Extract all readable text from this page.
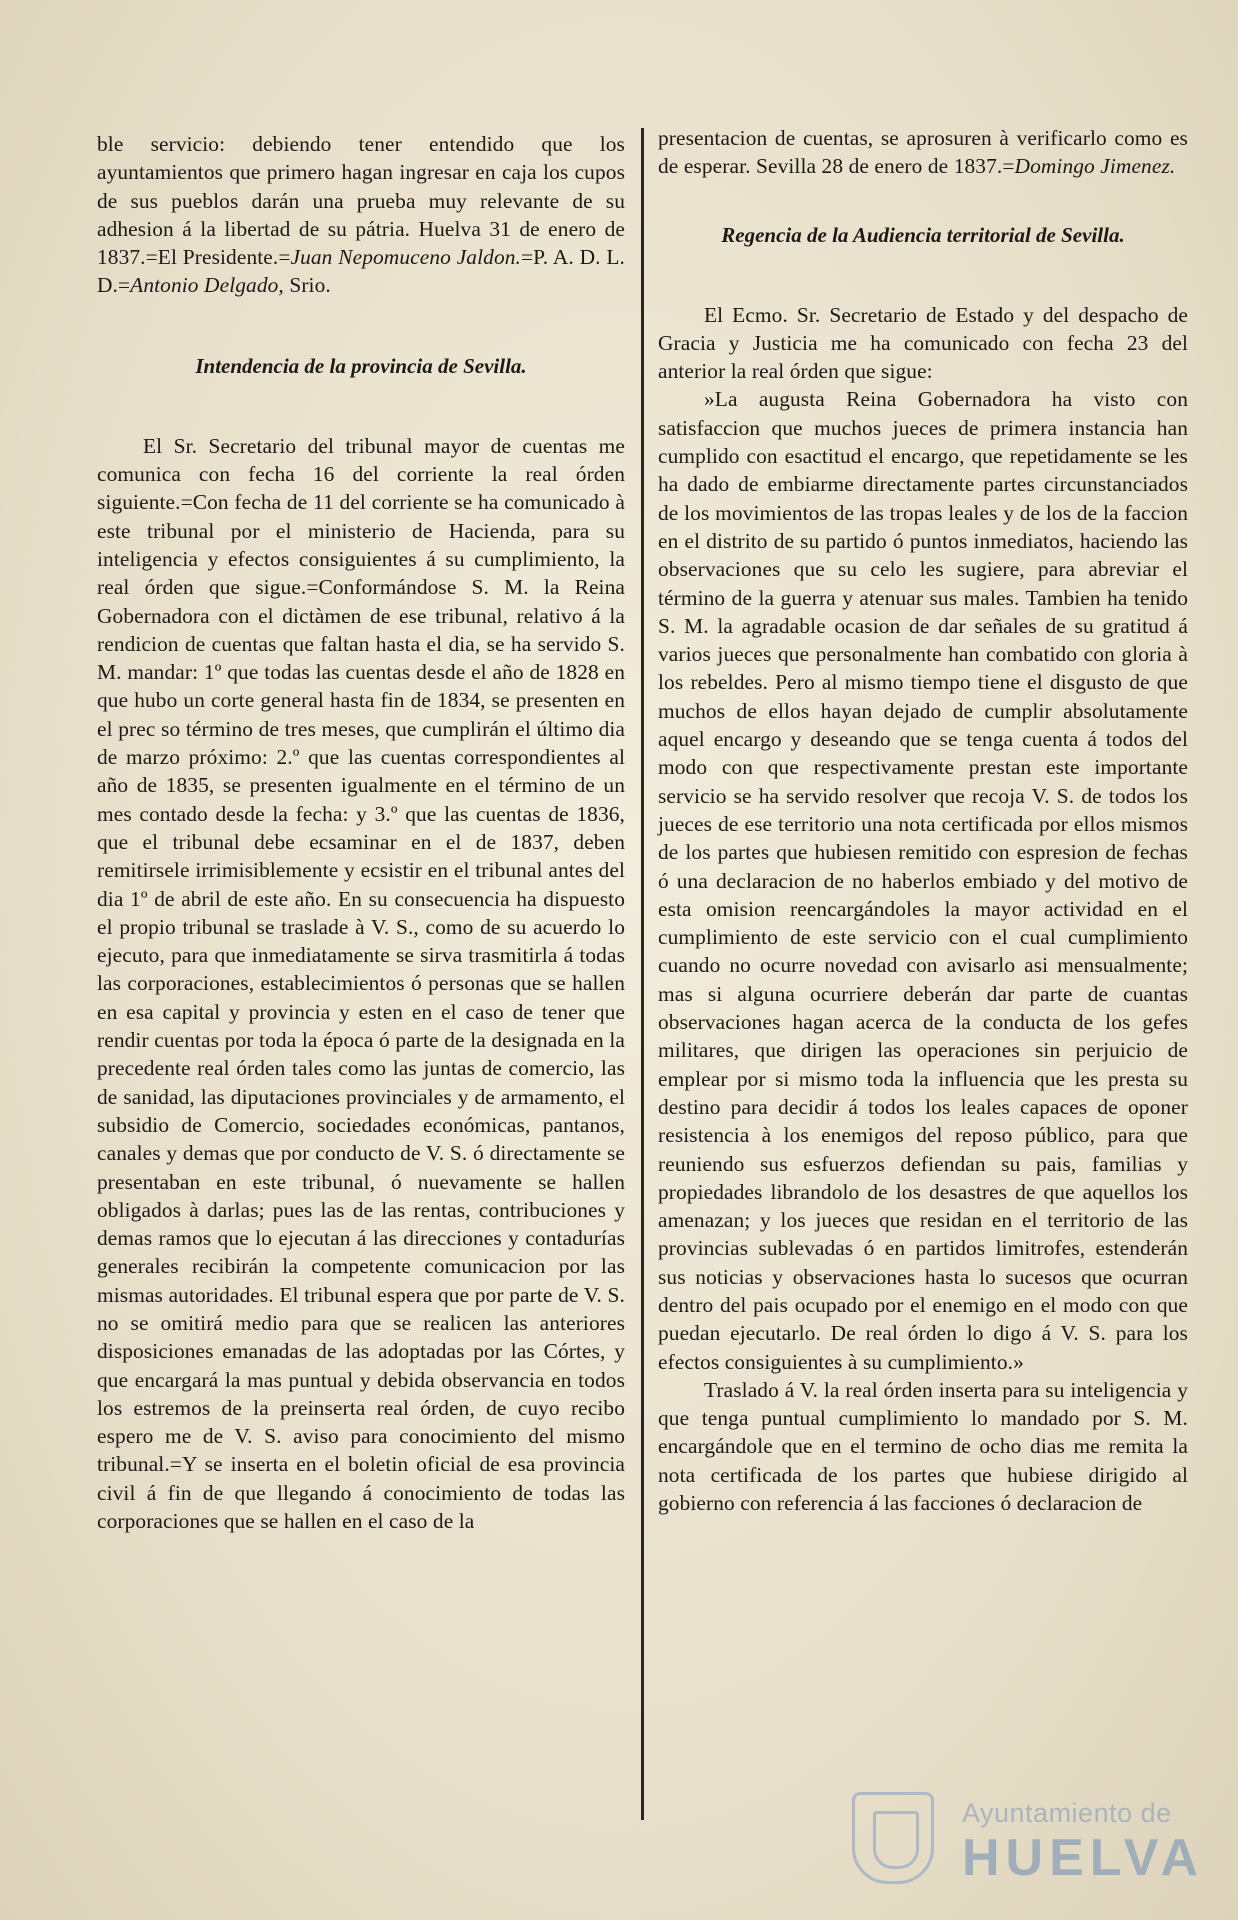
ble servicio: debiendo tener entendido que los ayuntamientos que primero hagan ingresar en caja los cupos de sus pueblos darán una prueba muy relevante de su adhesion á la libertad de su pátria. Huelva 31 de enero de 1837.=El Presidente.=Juan Nepomuceno Jaldon.=P. A. D. L. D.=Antonio Delgado, Srio.

Intendencia de la provincia de Sevilla.

El Sr. Secretario del tribunal mayor de cuentas me comunica con fecha 16 del corriente la real órden siguiente.=Con fecha de 11 del corriente se ha comunicado à este tribunal por el ministerio de Hacienda, para su inteligencia y efectos consiguientes á su cumplimiento, la real órden que sigue.=Conformándose S. M. la Reina Gobernadora con el dictàmen de ese tribunal, relativo á la rendicion de cuentas que faltan hasta el dia, se ha servido S. M. mandar: 1º que todas las cuentas desde el año de 1828 en que hubo un corte general hasta fin de 1834, se presenten en el prec so término de tres meses, que cumplirán el último dia de marzo próximo: 2.º que las cuentas correspondientes al año de 1835, se presenten igualmente en el término de un mes contado desde la fecha: y 3.º que las cuentas de 1836, que el tribunal debe ecsaminar en el de 1837, deben remitirsele irrimisiblemente y ecsistir en el tribunal antes del dia 1º de abril de este año. En su consecuencia ha dispuesto el propio tribunal se traslade à V. S., como de su acuerdo lo ejecuto, para que inmediatamente se sirva trasmitirla á todas las corporaciones, establecimientos ó personas que se hallen en esa capital y provincia y esten en el caso de tener que rendir cuentas por toda la época ó parte de la designada en la precedente real órden tales como las juntas de comercio, las de sanidad, las diputaciones provinciales y de armamento, el subsidio de Comercio, sociedades económicas, pantanos, canales y demas que por conducto de V. S. ó directamente se presentaban en este tribunal, ó nuevamente se hallen obligados à darlas; pues las de las rentas, contribuciones y demas ramos que lo ejecutan á las direcciones y contadurías generales recibirán la competente comunicacion por las mismas autoridades. El tribunal espera que por parte de V. S. no se omitirá medio para que se realicen las anteriores disposiciones emanadas de las adoptadas por las Córtes, y que encargará la mas puntual y debida observancia en todos los estremos de la preinserta real órden, de cuyo recibo espero me de V. S. aviso para conocimiento del mismo tribunal.=Y se inserta en el boletin oficial de esa provincia civil á fin de que llegando á conocimiento de todas las corporaciones que se hallen en el caso de la

presentacion de cuentas, se aprosuren à verificarlo como es de esperar. Sevilla 28 de enero de 1837.=Domingo Jimenez.

Regencia de la Audiencia territorial de Sevilla.

El Ecmo. Sr. Secretario de Estado y del despacho de Gracia y Justicia me ha comunicado con fecha 23 del anterior la real órden que sigue:

»La augusta Reina Gobernadora ha visto con satisfaccion que muchos jueces de primera instancia han cumplido con esactitud el encargo, que repetidamente se les ha dado de embiarme directamente partes circunstanciados de los movimientos de las tropas leales y de los de la faccion en el distrito de su partido ó puntos inmediatos, haciendo las observaciones que su celo les sugiere, para abreviar el término de la guerra y atenuar sus males. Tambien ha tenido S. M. la agradable ocasion de dar señales de su gratitud á varios jueces que personalmente han combatido con gloria à los rebeldes. Pero al mismo tiempo tiene el disgusto de que muchos de ellos hayan dejado de cumplir absolutamente aquel encargo y deseando que se tenga cuenta á todos del modo con que respectivamente prestan este importante servicio se ha servido resolver que recoja V. S. de todos los jueces de ese territorio una nota certificada por ellos mismos de los partes que hubiesen remitido con espresion de fechas ó una declaracion de no haberlos embiado y del motivo de esta omision reencargándoles la mayor actividad en el cumplimiento de este servicio con el cual cumplimiento cuando no ocurre novedad con avisarlo asi mensualmente; mas si alguna ocurriere deberán dar parte de cuantas observaciones hagan acerca de la conducta de los gefes militares, que dirigen las operaciones sin perjuicio de emplear por si mismo toda la influencia que les presta su destino para decidir á todos los leales capaces de oponer resistencia à los enemigos del reposo público, para que reuniendo sus esfuerzos defiendan su pais, familias y propiedades librandolo de los desastres de que aquellos los amenazan; y los jueces que residan en el territorio de las provincias sublevadas ó en partidos limitrofes, estenderán sus noticias y observaciones hasta lo sucesos que ocurran dentro del pais ocupado por el enemigo en el modo con que puedan ejecutarlo. De real órden lo digo á V. S. para los efectos consiguientes à su cumplimiento.»

Traslado á V. la real órden inserta para su inteligencia y que tenga puntual cumplimiento lo mandado por S. M. encargándole que en el termino de ocho dias me remita la nota certificada de los partes que hubiese dirigido al gobierno con referencia á las facciones ó declaracion de

Ayuntamiento de
HUELVA
